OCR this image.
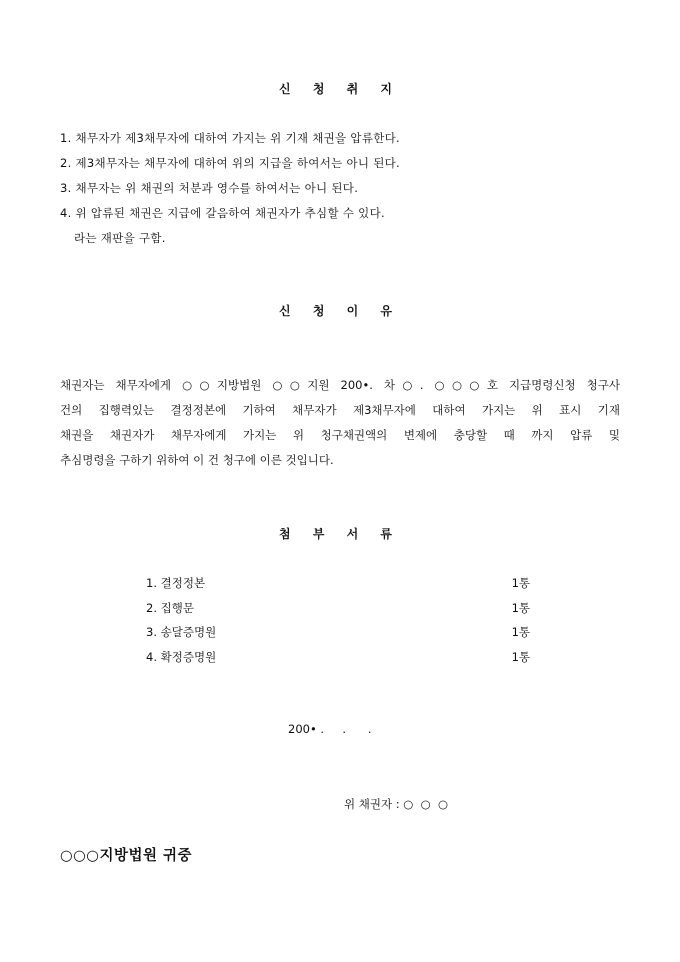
신 청 취 지
1. 채무자가 제3채무자에 대하여 가지는 위 기재 채권을 압류한다.
2. 제3채무자는 채무자에 대하여 위의 지급을 하여서는 아니 된다.
3. 채무자는 위 채권의 처분과 영수를 하여서는 아니 된다.
4. 위 압류된 채권은 지급에 갈음하여 채권자가 추심할 수 있다.
라는 재판을 구함.
신 청 이 유
채권자는 채무자에게 ○○지방법원 ○○지원 200•. 차○. ○○○호 지급명령신청 청구사
건의 집행력있는 결정정본에 기하여 채무자가 제3채무자에 대하여 가지는 위 표시 기재
채권을 채권자가 채무자에게 가지는 위 청구채권액의 변제에 충당할 때 까지 압류 및
추심명령을 구하기 위하여 이 건 청구에 이른 것입니다.
첨 부 서 류
1. 결정정본	1통
2. 집행문	1통
3. 송달증명원	1통
4. 확정증명원	1통
200• .     .      .
위 채권자 : ○  ○  ○
○○○지방법원 귀중
